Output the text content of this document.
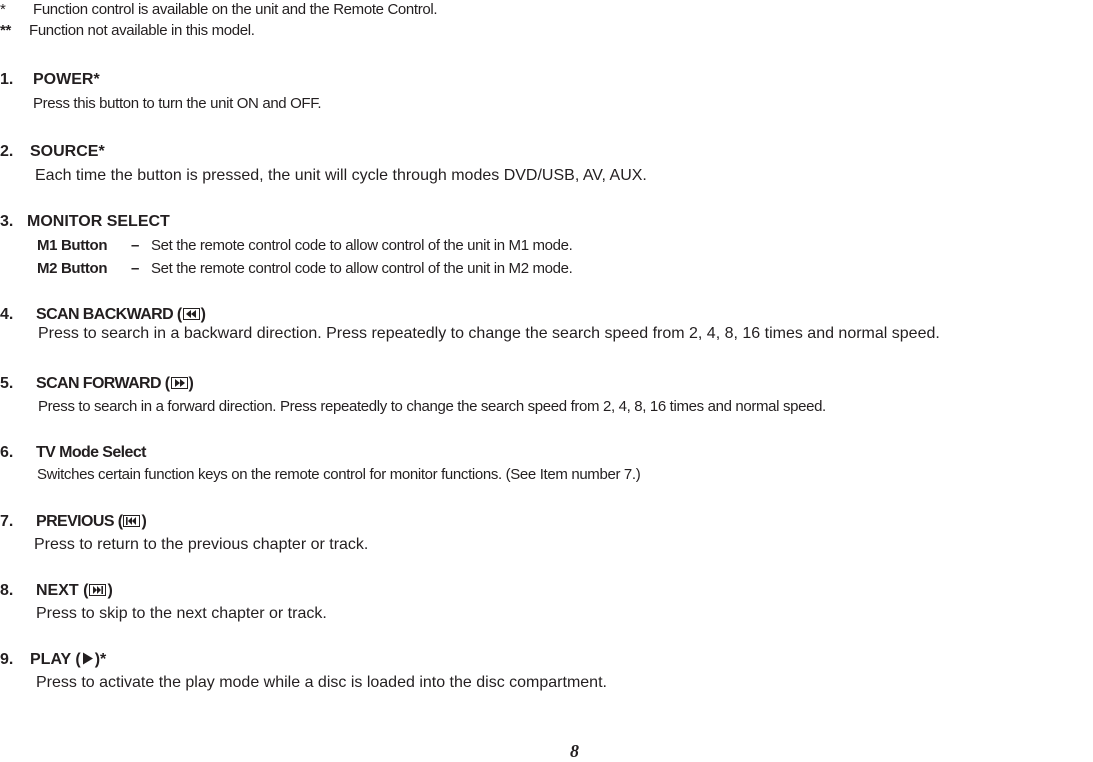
* Function control is available on the unit and the Remote Control.
** Function not available in this model.
1. POWER*
Press this button to turn the unit ON and OFF.
2. SOURCE*
Each time the button is pressed, the unit will cycle through modes DVD/USB, AV, AUX.
3. MONITOR SELECT
M1 Button – Set the remote control code to allow control of the unit in M1 mode.
M2 Button – Set the remote control code to allow control of the unit in M2 mode.
4. SCAN BACKWARD ( )
Press to search in a backward direction. Press repeatedly to change the search speed from 2, 4, 8, 16 times and normal speed.
5. SCAN FORWARD ( )
Press to search in a forward direction. Press repeatedly to change the search speed from 2, 4, 8, 16 times and normal speed.
6. TV Mode Select
Switches certain function keys on the remote control for monitor functions. (See Item number 7.)
7. PREVIOUS ( )
Press to return to the previous chapter or track.
8. NEXT ( )
Press to skip to the next chapter or track.
9. PLAY ( )*
Press to activate the play mode while a disc is loaded into the disc compartment.
8
